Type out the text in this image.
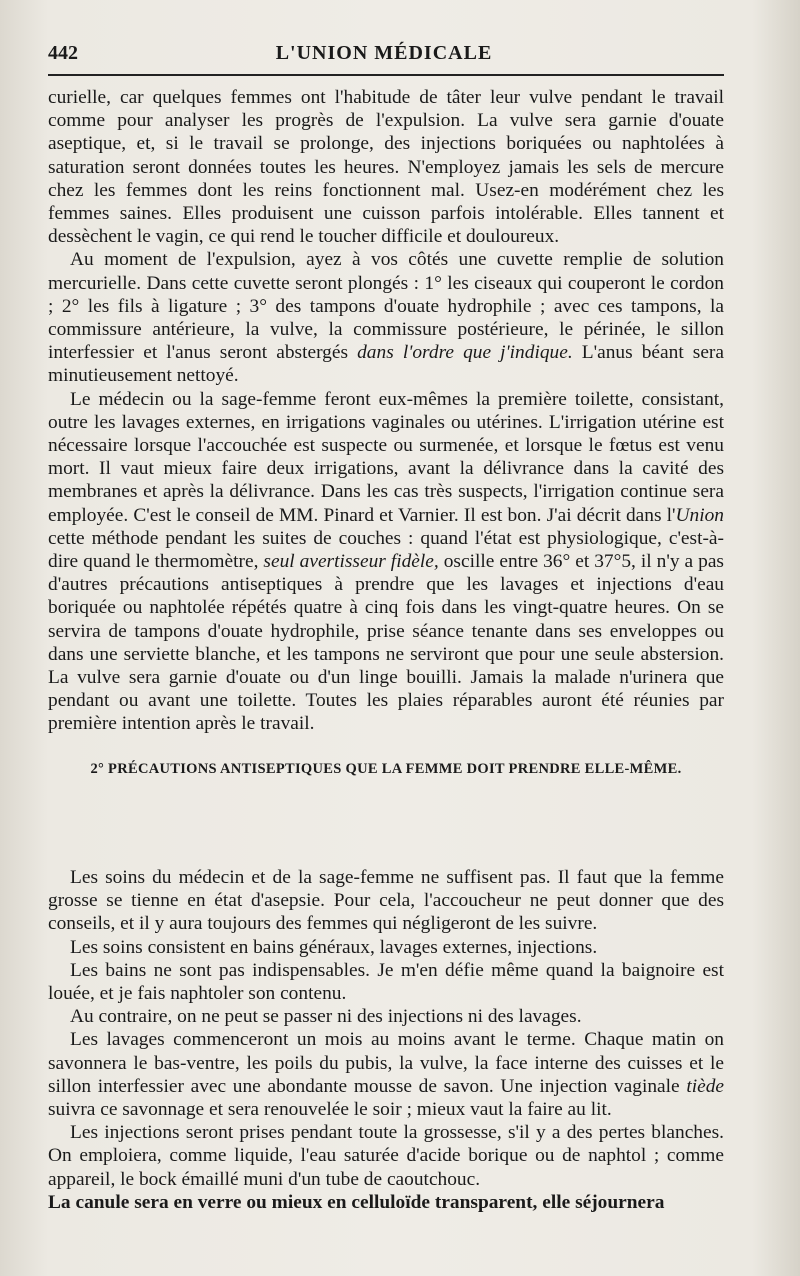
442	L'UNION MÉDICALE

curielle, car quelques femmes ont l'habitude de tâter leur vulve pendant le travail comme pour analyser les progrès de l'expulsion. La vulve sera garnie d'ouate aseptique, et, si le travail se prolonge, des injections boriquées ou naphtolées à saturation seront données toutes les heures. N'employez jamais les sels de mercure chez les femmes dont les reins fonctionnent mal. Usez-en modérément chez les femmes saines. Elles produisent une cuisson parfois intolérable. Elles tannent et dessèchent le vagin, ce qui rend le toucher difficile et douloureux.

Au moment de l'expulsion, ayez à vos côtés une cuvette remplie de solution mercurielle. Dans cette cuvette seront plongés : 1° les ciseaux qui couperont le cordon ; 2° les fils à ligature ; 3° des tampons d'ouate hydrophile ; avec ces tampons, la commissure antérieure, la vulve, la commissure postérieure, le périnée, le sillon interfessier et l'anus seront abstergés dans l'ordre que j'indique. L'anus béant sera minutieusement nettoyé.

Le médecin ou la sage-femme feront eux-mêmes la première toilette, consistant, outre les lavages externes, en irrigations vaginales ou utérines. L'irrigation utérine est nécessaire lorsque l'accouchée est suspecte ou surmenée, et lorsque le fœtus est venu mort. Il vaut mieux faire deux irrigations, avant la délivrance dans la cavité des membranes et après la délivrance. Dans les cas très suspects, l'irrigation continue sera employée. C'est le conseil de MM. Pinard et Varnier. Il est bon. J'ai décrit dans l'Union cette méthode pendant les suites de couches : quand l'état est physiologique, c'est-à-dire quand le thermomètre, seul avertisseur fidèle, oscille entre 36° et 37°5, il n'y a pas d'autres précautions antiseptiques à prendre que les lavages et injections d'eau boriquée ou naphtolée répétés quatre à cinq fois dans les vingt-quatre heures. On se servira de tampons d'ouate hydrophile, prise séance tenante dans ses enveloppes ou dans une serviette blanche, et les tampons ne serviront que pour une seule abstersion. La vulve sera garnie d'ouate ou d'un linge bouilli. Jamais la malade n'urinera que pendant ou avant une toilette. Toutes les plaies réparables auront été réunies par première intention après le travail.

2° PRÉCAUTIONS ANTISEPTIQUES QUE LA FEMME DOIT PRENDRE ELLE-MÊME.

Les soins du médecin et de la sage-femme ne suffisent pas. Il faut que la femme grosse se tienne en état d'asepsie. Pour cela, l'accoucheur ne peut donner que des conseils, et il y aura toujours des femmes qui négligeront de les suivre.

Les soins consistent en bains généraux, lavages externes, injections.

Les bains ne sont pas indispensables. Je m'en défie même quand la baignoire est louée, et je fais naphtoler son contenu.

Au contraire, on ne peut se passer ni des injections ni des lavages.

Les lavages commenceront un mois au moins avant le terme. Chaque matin on savonnera le bas-ventre, les poils du pubis, la vulve, la face interne des cuisses et le sillon interfessier avec une abondante mousse de savon. Une injection vaginale tiède suivra ce savonnage et sera renouvelée le soir ; mieux vaut la faire au lit.

Les injections seront prises pendant toute la grossesse, s'il y a des pertes blanches. On emploiera, comme liquide, l'eau saturée d'acide borique ou de naphtol ; comme appareil, le bock émaillé muni d'un tube de caoutchouc.

La canule sera en verre ou mieux en celluloïde transparent, elle séjournera
